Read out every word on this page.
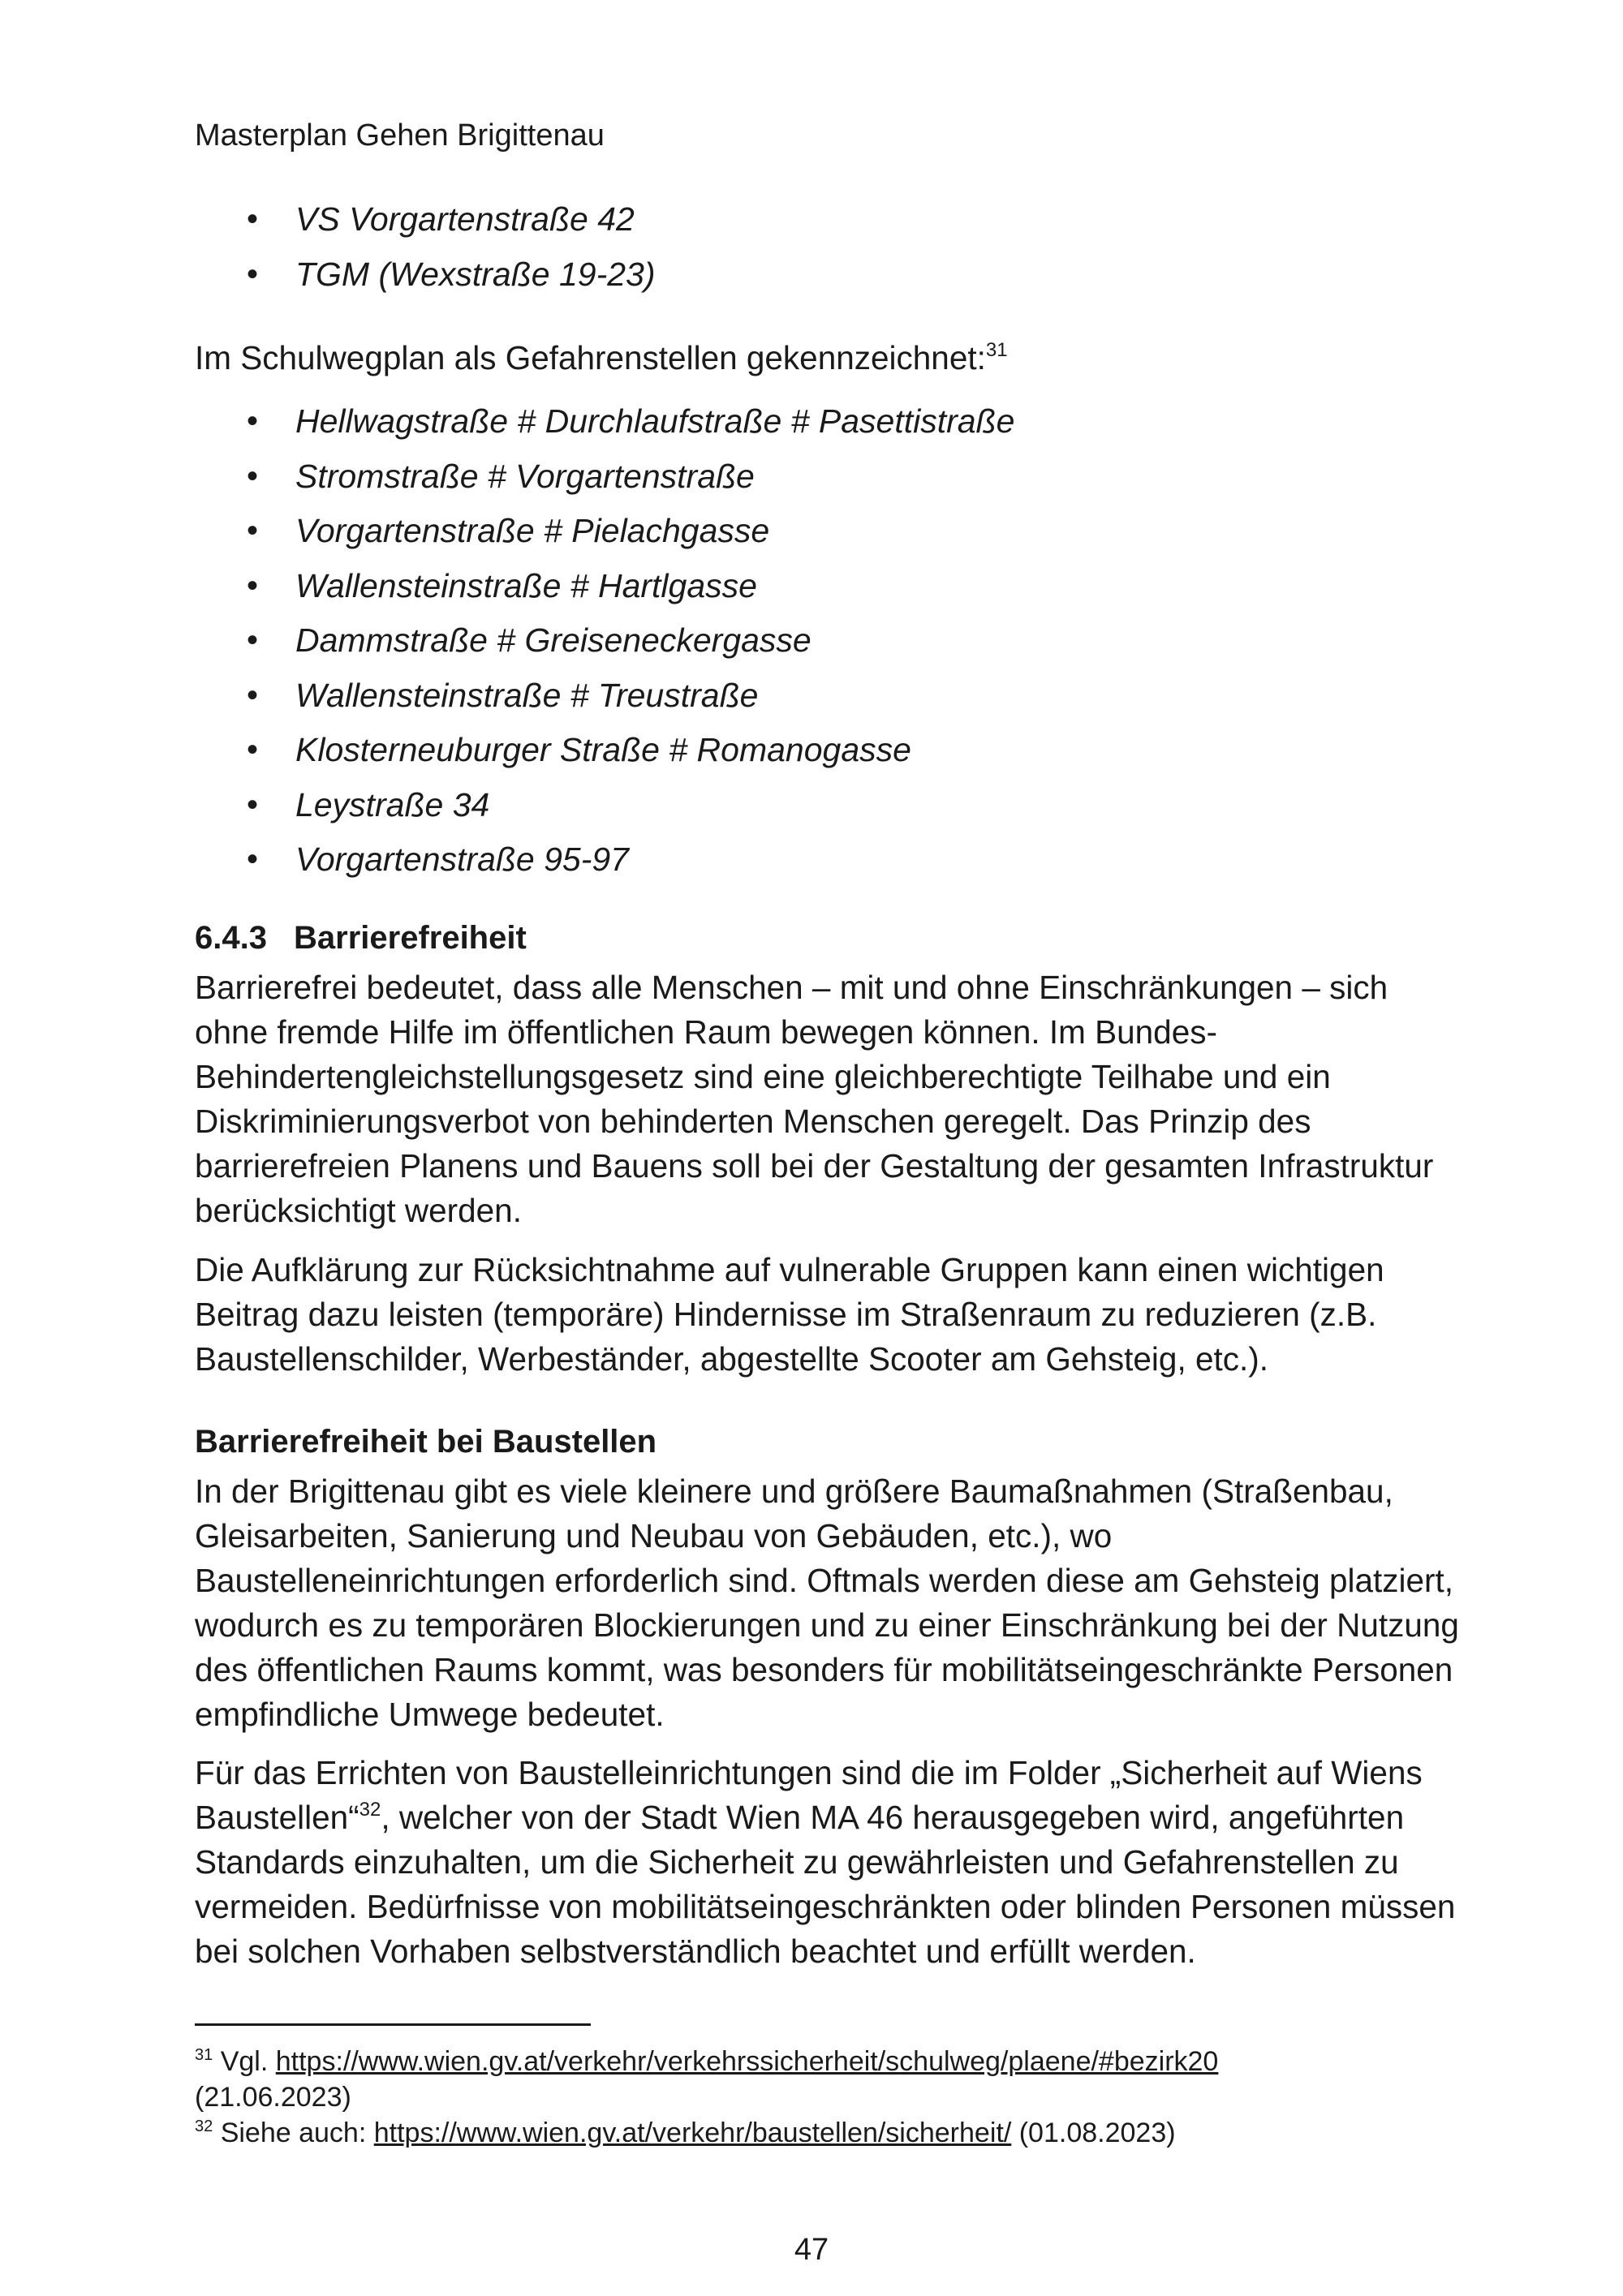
Masterplan Gehen Brigittenau
• VS Vorgartenstraße 42
• TGM (Wexstraße 19-23)

Im Schulwegplan als Gefahrenstellen gekennzeichnet:$^{31}$

• Hellwagstraße # Durchlaufstraße # Pasettistraße
• Stromstraße # Vorgartenstraße
• Vorgartenstraße # Pielachgasse
• Wallensteinstraße # Hartlgasse
• Dammstraße # Greiseneckergasse
• Wallensteinstraße # Treustraße
• Klosterneuburger Straße # Romanogasse
• Leystraße 34
• Vorgartenstraße 95-97
6.4.3 Barrierefreiheit

Barrierefrei bedeutet, dass alle Menschen – mit und ohne Einschränkungen – sich ohne fremde Hilfe im öffentlichen Raum bewegen können. Im Bundes-Behindertengleichstellungsgesetz sind eine gleichberechtigte Teilhabe und ein Diskriminierungsverbot von behinderten Menschen geregelt. Das Prinzip des barrierefreien Planens und Bauens soll bei der Gestaltung der gesamten Infrastruktur berücksichtigt werden.

Die Aufklärung zur Rücksichtnahme auf vulnerable Gruppen kann einen wichtigen Beitrag dazu leisten (temporäre) Hindernisse im Straßenraum zu reduzieren (z.B. Baustellenschilder, Werbeständer, abgestellte Scooter am Gehsteig, etc.).

Barrierefreiheit bei Baustellen

In der Brigittenau gibt es viele kleinere und größere Baumaßnahmen (Straßenbau, Gleisarbeiten, Sanierung und Neubau von Gebäuden, etc.), wo Baustelleneinrichtungen erforderlich sind. Oftmals werden diese am Gehsteig platziert, wodurch es zu temporären Blockierungen und zu einer Einschränkung bei der Nutzung des öffentlichen Raums kommt, was besonders für mobilitätseingeschränkte Personen empfindliche Umwege bedeutet.

Für das Errichten von Baustelleinrichtungen sind die im Folder „Sicherheit auf Wiens Baustellen“$^{32}$, welcher von der Stadt Wien MA 46 herausgegeben wird, angeführten Standards einzuhalten, um die Sicherheit zu gewährleisten und Gefahrenstellen zu vermeiden. Bedürfnisse von mobilitätseingeschränkten oder blinden Personen müssen bei solchen Vorhaben selbstverständlich beachtet und erfüllt werden.

$^{31}$ Vgl. https://www.wien.gv.at/verkehr/verkehrssicherheit/schulweg/plaene/#bezirk20
(21.06.2023)

$^{32}$ Siehe auch: https://www.wien.gv.at/verkehr/baustellen/sicherheit/ (01.08.2023)

47
